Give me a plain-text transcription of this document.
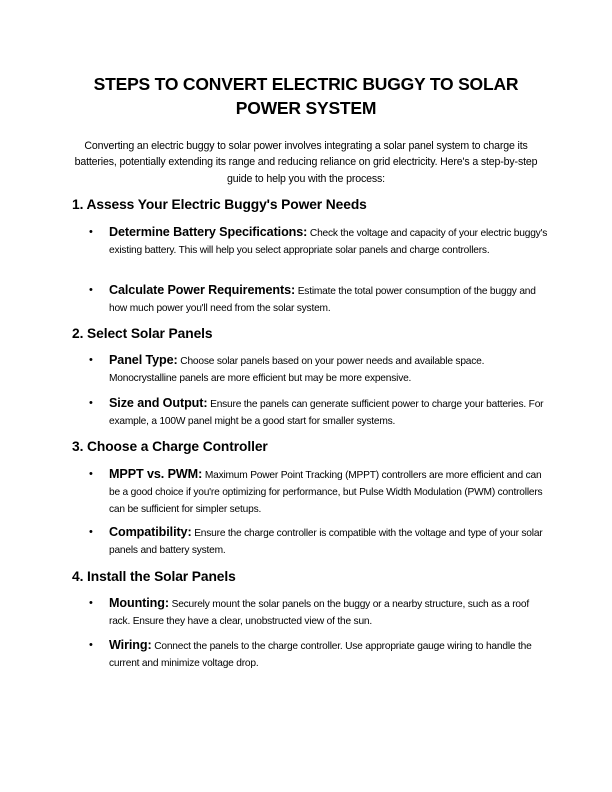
STEPS TO CONVERT ELECTRIC BUGGY TO SOLAR POWER SYSTEM
Converting an electric buggy to solar power involves integrating a solar panel system to charge its batteries, potentially extending its range and reducing reliance on grid electricity. Here's a step-by-step guide to help you with the process:
1. Assess Your Electric Buggy's Power Needs
• Determine Battery Specifications: Check the voltage and capacity of your electric buggy's existing battery. This will help you select appropriate solar panels and charge controllers.
• Calculate Power Requirements: Estimate the total power consumption of the buggy and how much power you'll need from the solar system.
2. Select Solar Panels
• Panel Type: Choose solar panels based on your power needs and available space. Monocrystalline panels are more efficient but may be more expensive.
• Size and Output: Ensure the panels can generate sufficient power to charge your batteries. For example, a 100W panel might be a good start for smaller systems.
3. Choose a Charge Controller
• MPPT vs. PWM: Maximum Power Point Tracking (MPPT) controllers are more efficient and can be a good choice if you're optimizing for performance, but Pulse Width Modulation (PWM) controllers can be sufficient for simpler setups.
• Compatibility: Ensure the charge controller is compatible with the voltage and type of your solar panels and battery system.
4. Install the Solar Panels
• Mounting: Securely mount the solar panels on the buggy or a nearby structure, such as a roof rack. Ensure they have a clear, unobstructed view of the sun.
• Wiring: Connect the panels to the charge controller. Use appropriate gauge wiring to handle the current and minimize voltage drop.
